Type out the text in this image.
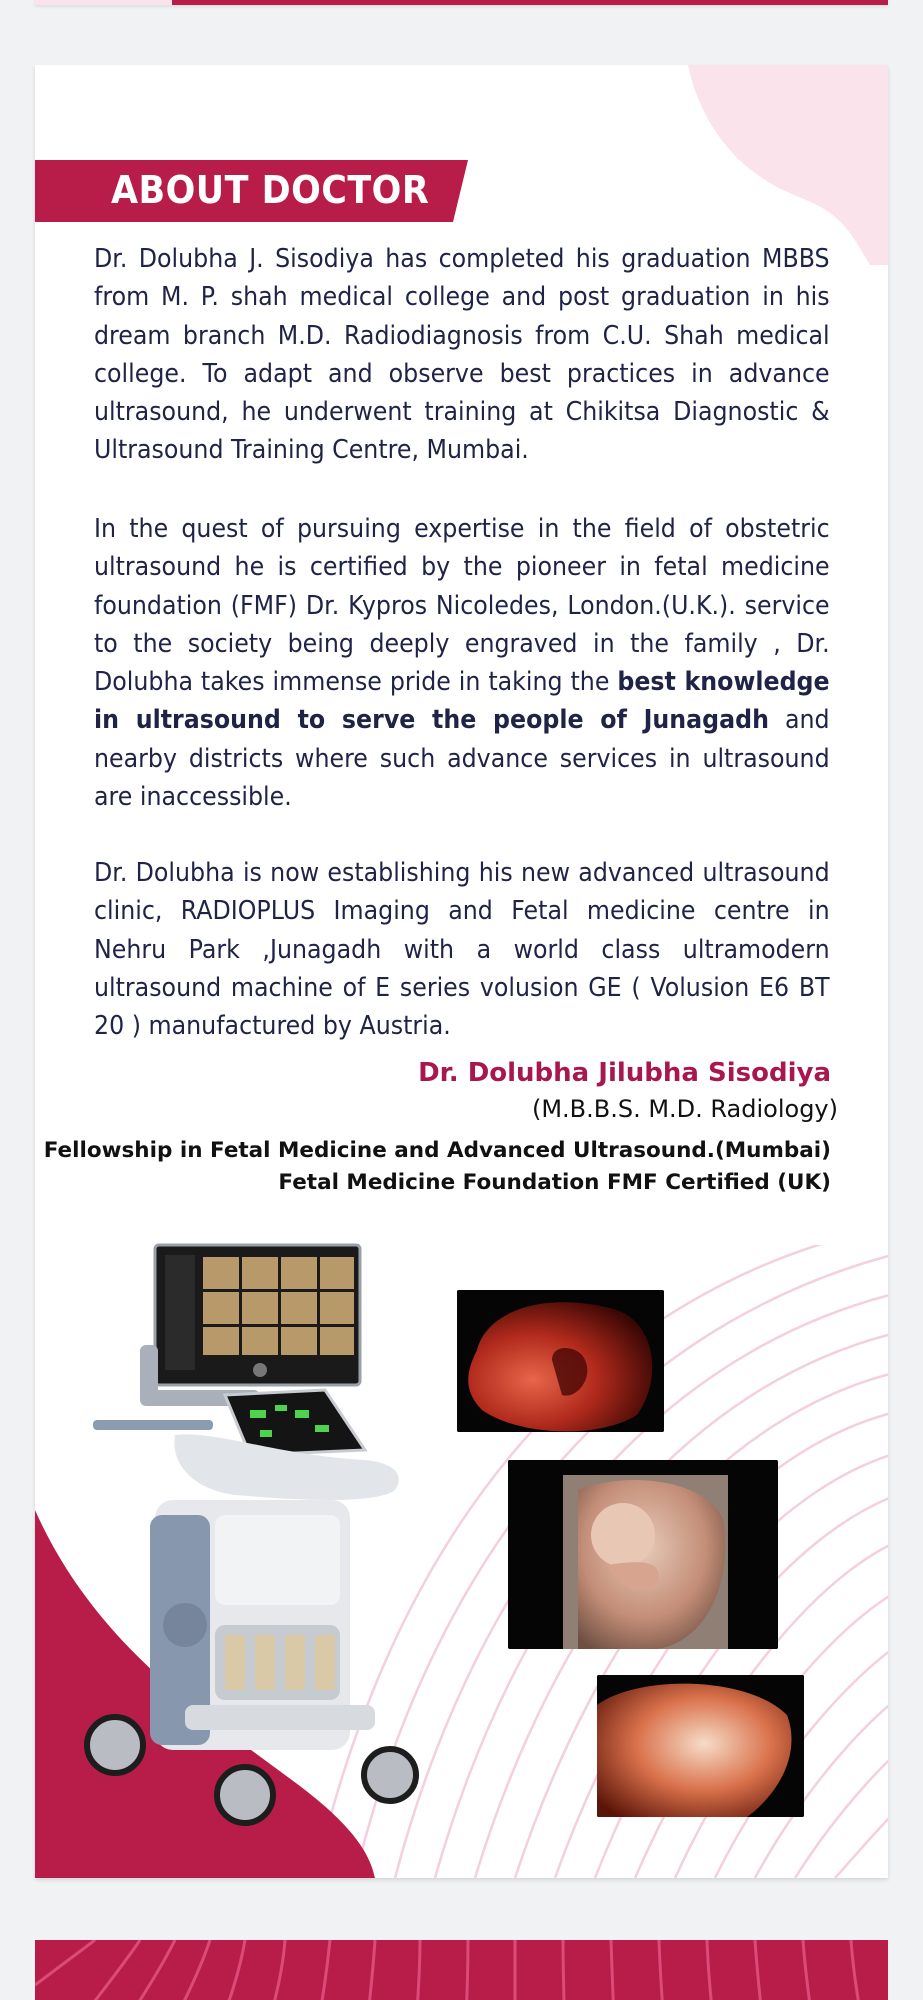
ABOUT DOCTOR

Dr. Dolubha J. Sisodiya has completed his graduation MBBS from M. P. shah medical college and post graduation in his dream branch M.D. Radiodiagnosis from C.U. Shah medical college. To adapt and observe best practices in advance ultrasound, he underwent training at Chikitsa Diagnostic & Ultrasound Training Centre, Mumbai.

In the quest of pursuing expertise in the field of obstetric ultrasound he is certified by the pioneer in fetal medicine foundation (FMF) Dr. Kypros Nicoledes, London.(U.K.). service to the society being deeply engraved in the family , Dr. Dolubha takes immense pride in taking the best knowledge in ultrasound to serve the people of Junagadh and nearby districts where such advance services in ultrasound are inaccessible.

Dr. Dolubha is now establishing his new advanced ultrasound clinic, RADIOPLUS Imaging and Fetal medicine centre in Nehru Park ,Junagadh with a world class ultramodern ultrasound machine of E series volusion GE ( Volusion E6 BT 20 ) manufactured by Austria.

Dr. Dolubha Jilubha Sisodiya
(M.B.B.S. M.D. Radiology)
Fellowship in Fetal Medicine and Advanced Ultrasound.(Mumbai)
Fetal Medicine Foundation FMF Certified (UK)
